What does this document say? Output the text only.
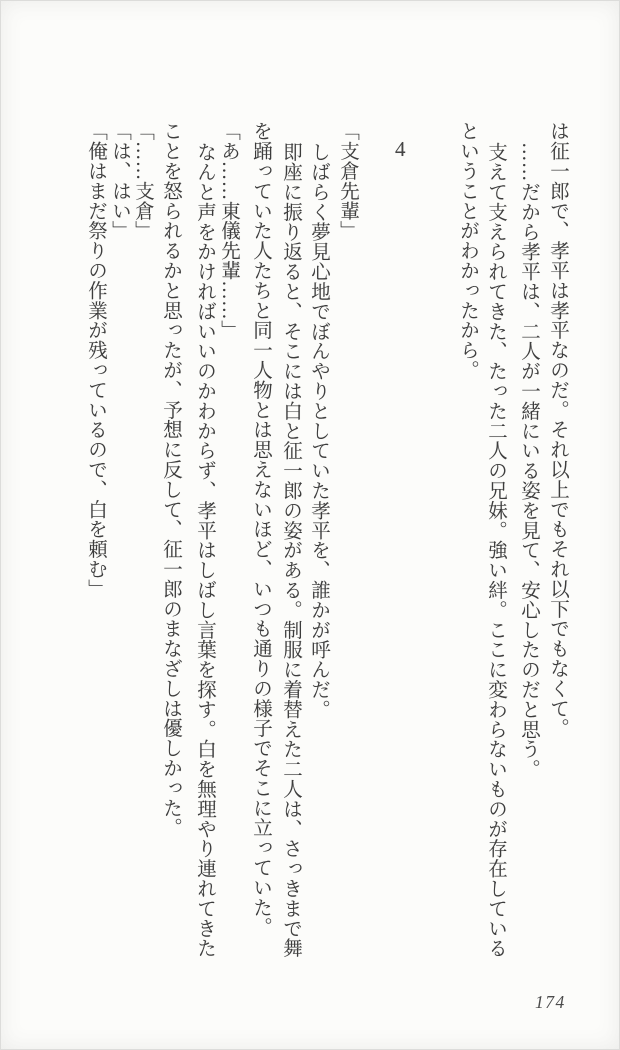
は征一郎で、孝平は孝平なのだ。それ以上でもそれ以下でもなくて。
……だから孝平は、二人が一緒にいる姿を見て、安心したのだと思う。
支えて支えられてきた、たった二人の兄妹。強い絆。ここに変わらないものが存在している
ということがわかったから。
4
「支倉先輩」
しばらく夢見心地でぼんやりとしていた孝平を、誰かが呼んだ。
即座に振り返ると、そこには白と征一郎の姿がある。制服に着替えた二人は、さっきまで舞
を踊っていた人たちと同一人物とは思えないほど、いつも通りの様子でそこに立っていた。
「あ……東儀先輩……」
なんと声をかければいいのかわからず、孝平はしばし言葉を探す。白を無理やり連れてきた
ことを怒られるかと思ったが、予想に反して、征一郎のまなざしは優しかった。
「……支倉」
「は、はい」
「俺はまだ祭りの作業が残っているので、白を頼む」
174
